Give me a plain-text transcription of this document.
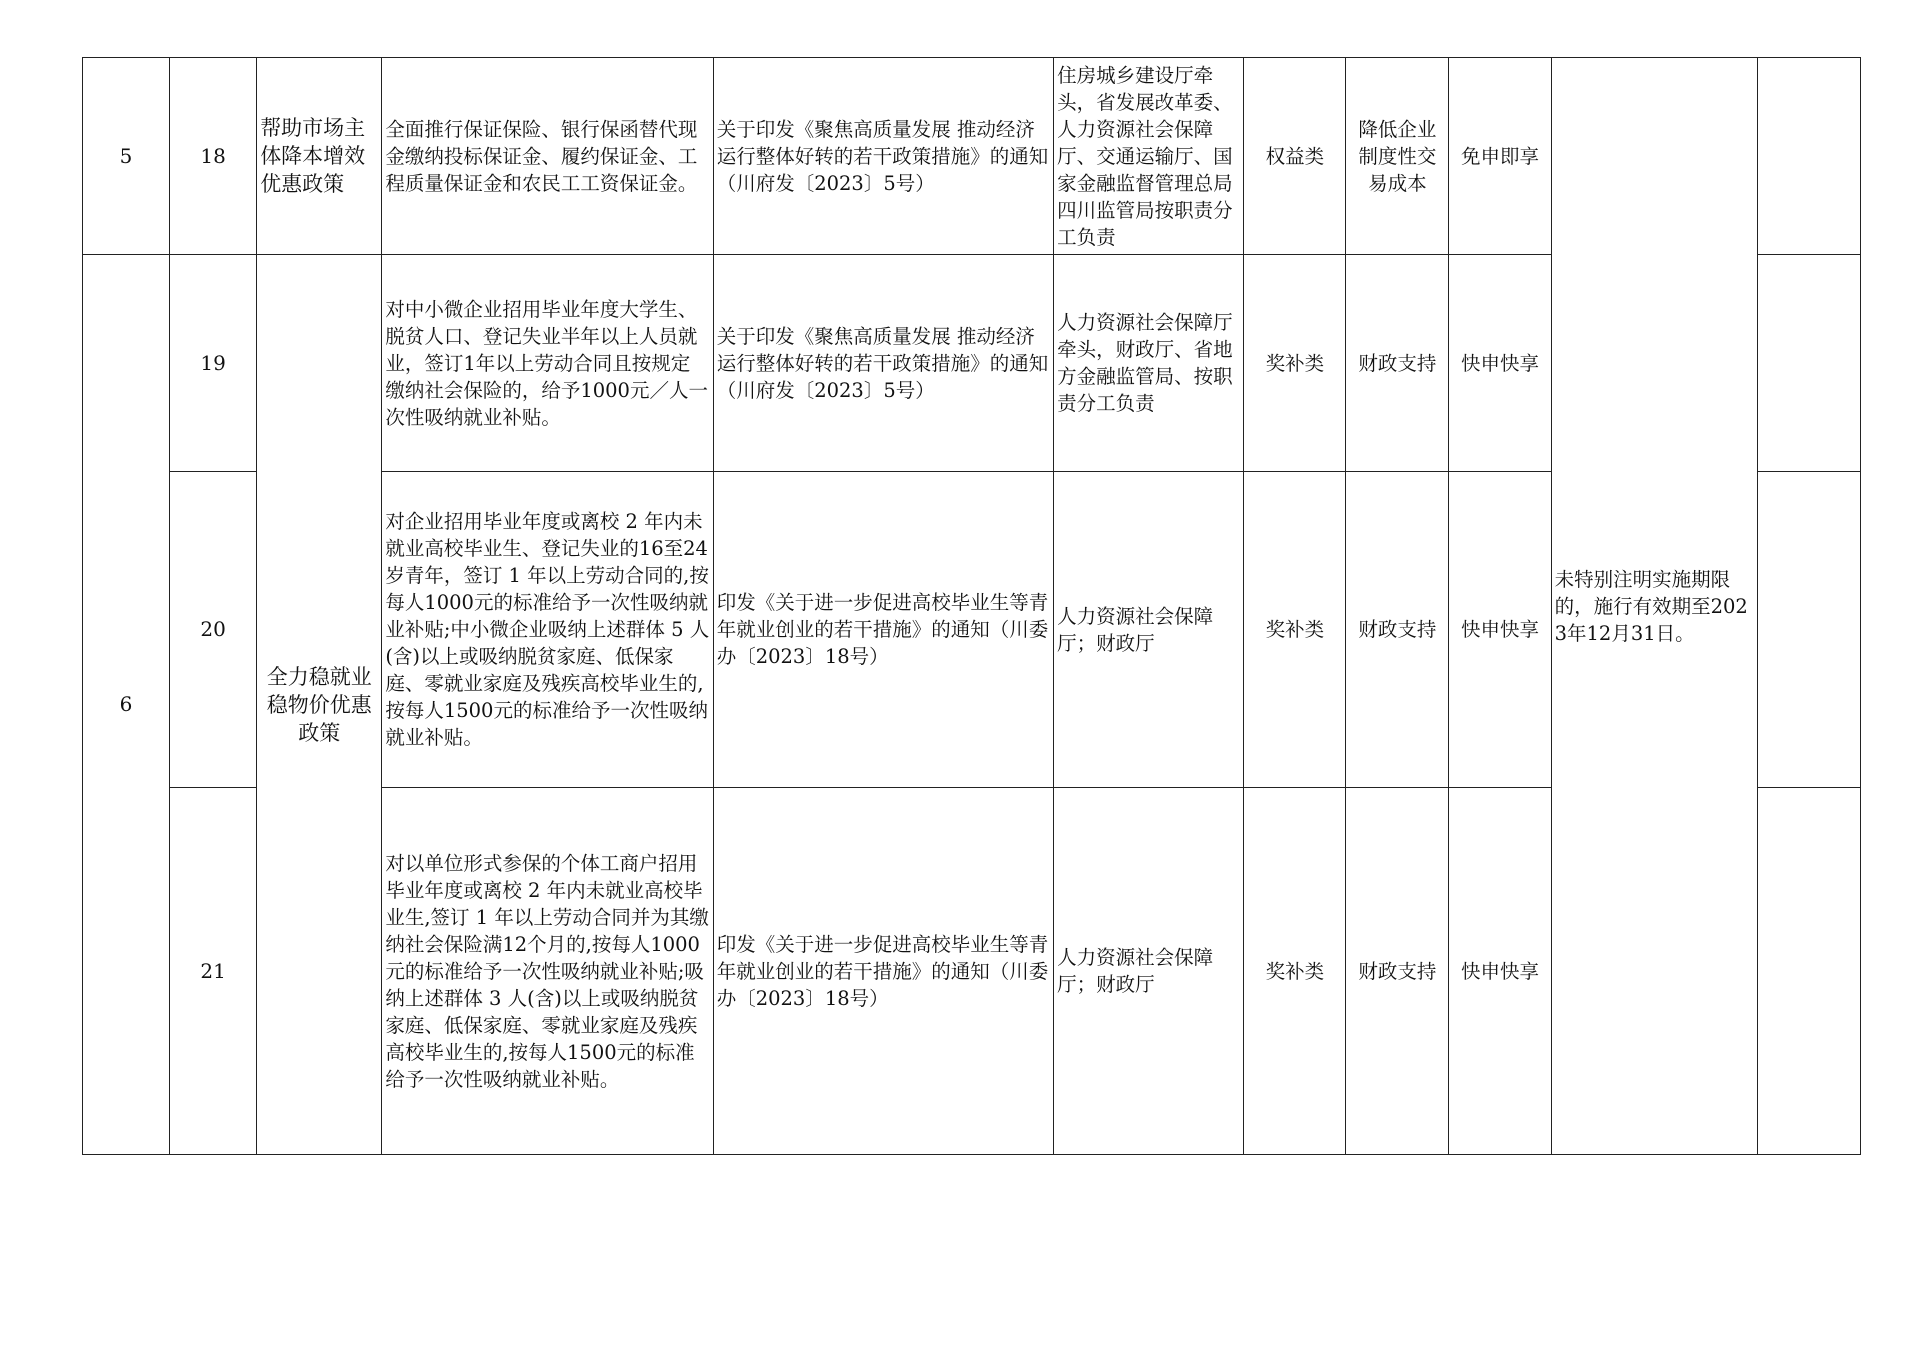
5	18	帮助市场主体降本增效优惠政策	全面推行保证保险、银行保函替代现金缴纳投标保证金、履约保证金、工程质量保证金和农民工工资保证金。	关于印发《聚焦高质量发展 推动经济运行整体好转的若干政策措施》的通知（川府发〔2023〕5号）	住房城乡建设厅牵头，省发展改革委、人力资源社会保障厅、交通运输厅、国家金融监督管理总局四川监管局按职责分工负责	权益类	降低企业制度性交易成本	免申即享	未特别注明实施期限的，施行有效期至2023年12月31日。	
6	19	全力稳就业稳物价优惠政策	对中小微企业招用毕业年度大学生、脱贫人口、登记失业半年以上人员就业，签订1年以上劳动合同且按规定缴纳社会保险的，给予1000元／人一次性吸纳就业补贴。	关于印发《聚焦高质量发展 推动经济运行整体好转的若干政策措施》的通知（川府发〔2023〕5号）	人力资源社会保障厅牵头，财政厅、省地方金融监管局、按职责分工负责	奖补类	财政支持	快申快享		
	20		对企业招用毕业年度或离校 2 年内未就业高校毕业生、登记失业的16至24岁青年，签订 1 年以上劳动合同的,按每人1000元的标准给予一次性吸纳就业补贴;中小微企业吸纳上述群体 5 人(含)以上或吸纳脱贫家庭、低保家庭、零就业家庭及残疾高校毕业生的,按每人1500元的标准给予一次性吸纳就业补贴。	印发《关于进一步促进高校毕业生等青年就业创业的若干措施》的通知（川委办〔2023〕18号）	人力资源社会保障厅；财政厅	奖补类	财政支持	快申快享		
	21		对以单位形式参保的个体工商户招用毕业年度或离校 2 年内未就业高校毕业生,签订 1 年以上劳动合同并为其缴纳社会保险满12个月的,按每人1000元的标准给予一次性吸纳就业补贴;吸纳上述群体 3 人(含)以上或吸纳脱贫家庭、低保家庭、零就业家庭及残疾高校毕业生的,按每人1500元的标准给予一次性吸纳就业补贴。	印发《关于进一步促进高校毕业生等青年就业创业的若干措施》的通知（川委办〔2023〕18号）	人力资源社会保障厅；财政厅	奖补类	财政支持	快申快享		
